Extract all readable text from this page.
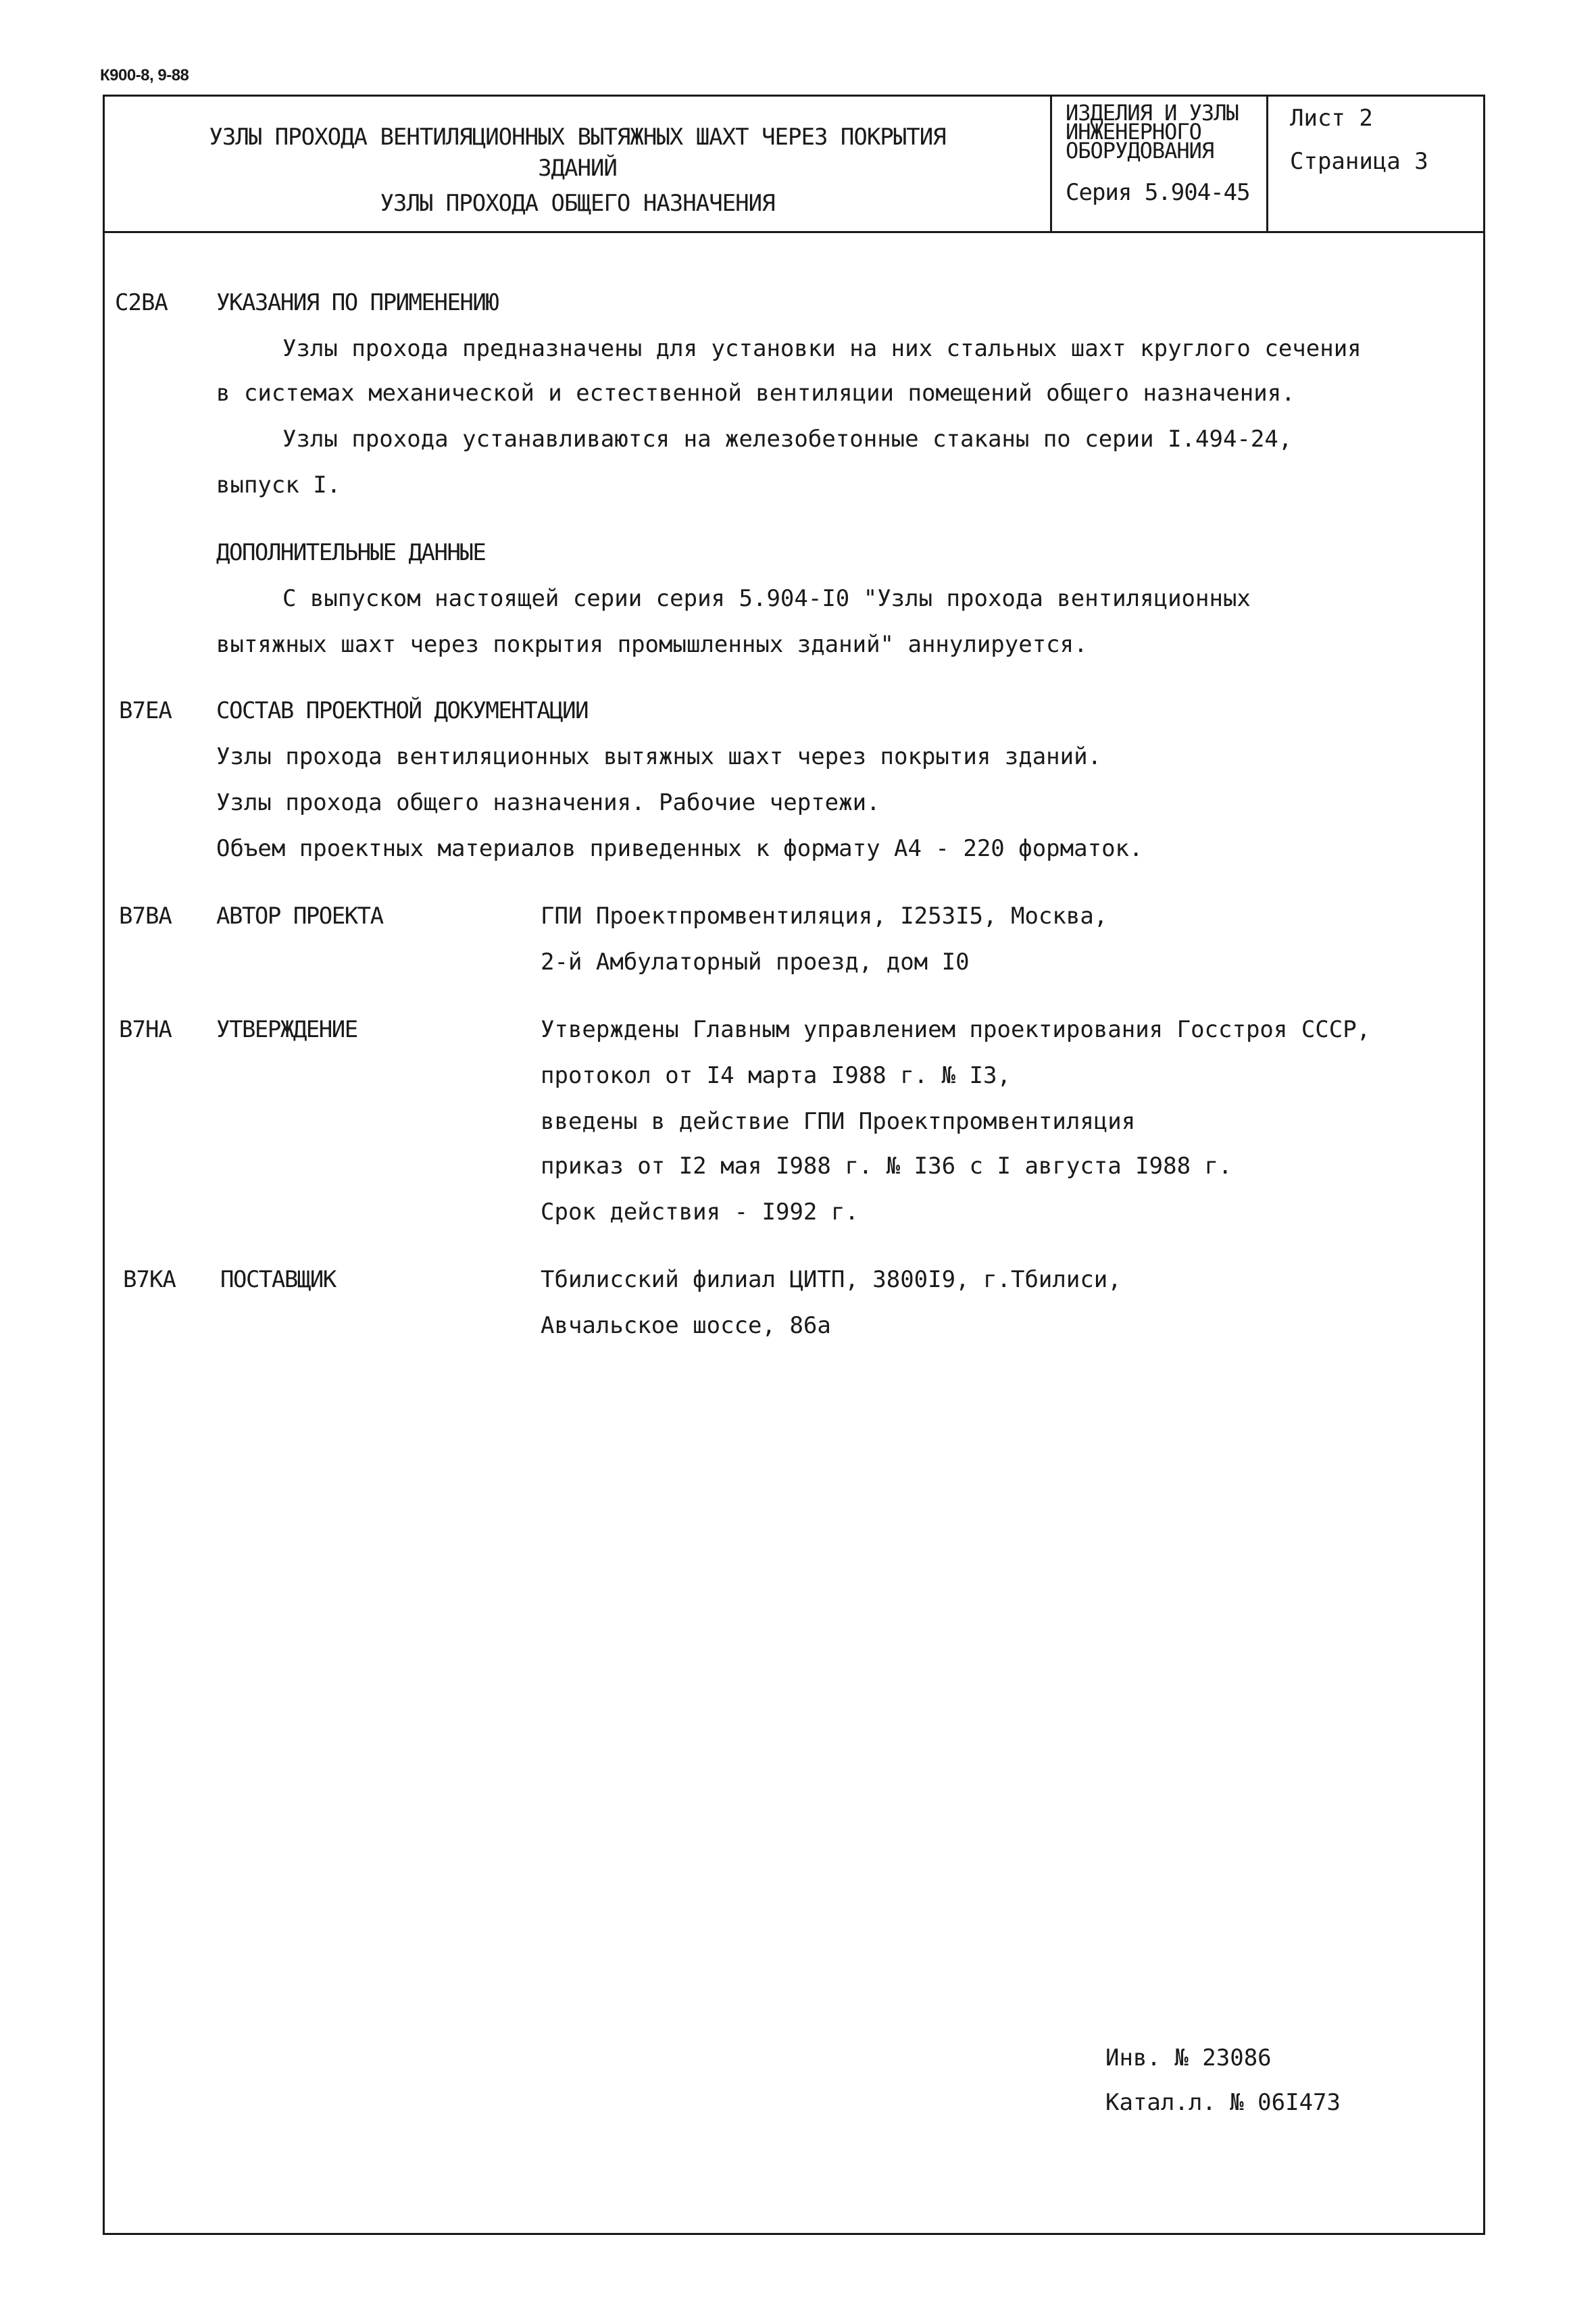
К900-8, 9-88
УЗЛЫ ПРОХОДА ВЕНТИЛЯЦИОННЫХ ВЫТЯЖНЫХ ШАХТ ЧЕРЕЗ ПОКРЫТИЯ
ЗДАНИЙ
УЗЛЫ ПРОХОДА ОБЩЕГО НАЗНАЧЕНИЯ
ИЗДЕЛИЯ И УЗЛЫ
ИНЖЕНЕРНОГО
ОБОРУДОВАНИЯ
Серия 5.904-45
Лист 2
Страница 3
С2ВА УКАЗАНИЯ ПО ПРИМЕНЕНИЮ
Узлы прохода предназначены для установки на них стальных шахт круглого сечения
в системах механической и естественной вентиляции помещений общего назначения.
Узлы прохода устанавливаются на железобетонные стаканы по серии I.494-24,
выпуск I.
ДОПОЛНИТЕЛЬНЫЕ ДАННЫЕ
С выпуском настоящей серии серия 5.904-I0 "Узлы прохода вентиляционных
вытяжных шахт через покрытия промышленных зданий" аннулируется.
В7ЕА СОСТАВ ПРОЕКТНОЙ ДОКУМЕНТАЦИИ
Узлы прохода вентиляционных вытяжных шахт через покрытия зданий.
Узлы прохода общего назначения. Рабочие чертежи.
Объем проектных материалов приведенных к формату А4 - 220 форматок.
В7ВА АВТОР ПРОЕКТА	ГПИ Проектпромвентиляция, I253I5, Москва,
2-й Амбулаторный проезд, дом I0
В7НА УТВЕРЖДЕНИЕ	Утверждены Главным управлением проектирования Госстроя СССР,
протокол от I4 марта I988 г. № I3,
введены в действие ГПИ Проектпромвентиляция
приказ от I2 мая I988 г. № I36 с I августа I988 г.
Срок действия - I992 г.
В7КА ПОСТАВЩИК	Тбилисский филиал ЦИТП, 3800I9, г.Тбилиси,
Авчальское шоссе, 86а
Инв. № 23086
Катал.л. № 06I473
